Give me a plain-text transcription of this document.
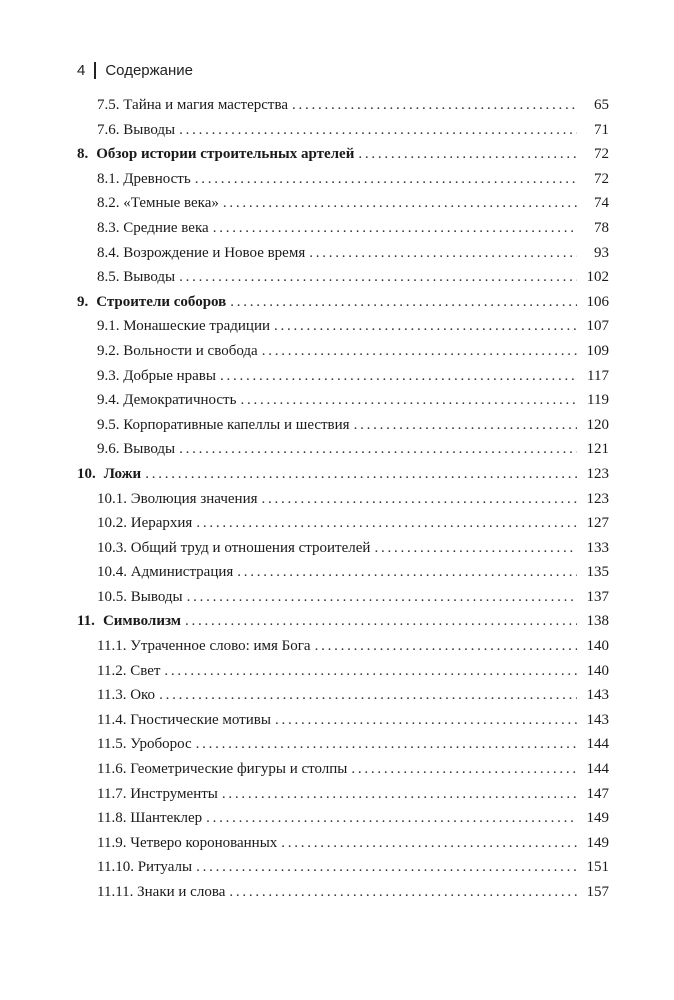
4 Содержание
7.5. Тайна и магия мастерства . . .	65
7.6. Выводы . . .	71
8. Обзор истории строительных артелей . . .	72
8.1. Древность . . .	72
8.2. «Темные века» . . .	74
8.3. Средние века . . .	78
8.4. Возрождение и Новое время . . .	93
8.5. Выводы . . .	102
9. Строители соборов . . .	106
9.1. Монашеские традиции . . .	107
9.2. Вольности и свобода . . .	109
9.3. Добрые нравы . . .	117
9.4. Демократичность . . .	119
9.5. Корпоративные капеллы и шествия . . .	120
9.6. Выводы . . .	121
10. Ложи . . .	123
10.1. Эволюция значения . . .	123
10.2. Иерархия . . .	127
10.3. Общий труд и отношения строителей . . .	133
10.4. Администрация . . .	135
10.5. Выводы . . .	137
11. Символизм . . .	138
11.1. Утраченное слово: имя Бога . . .	140
11.2. Свет . . .	140
11.3. Око . . .	143
11.4. Гностические мотивы . . .	143
11.5. Уроборос . . .	144
11.6. Геометрические фигуры и столпы . . .	144
11.7. Инструменты . . .	147
11.8. Шантеклер . . .	149
11.9. Четверо коронованных . . .	149
11.10. Ритуалы . . .	151
11.11. Знаки и слова . . .	157
